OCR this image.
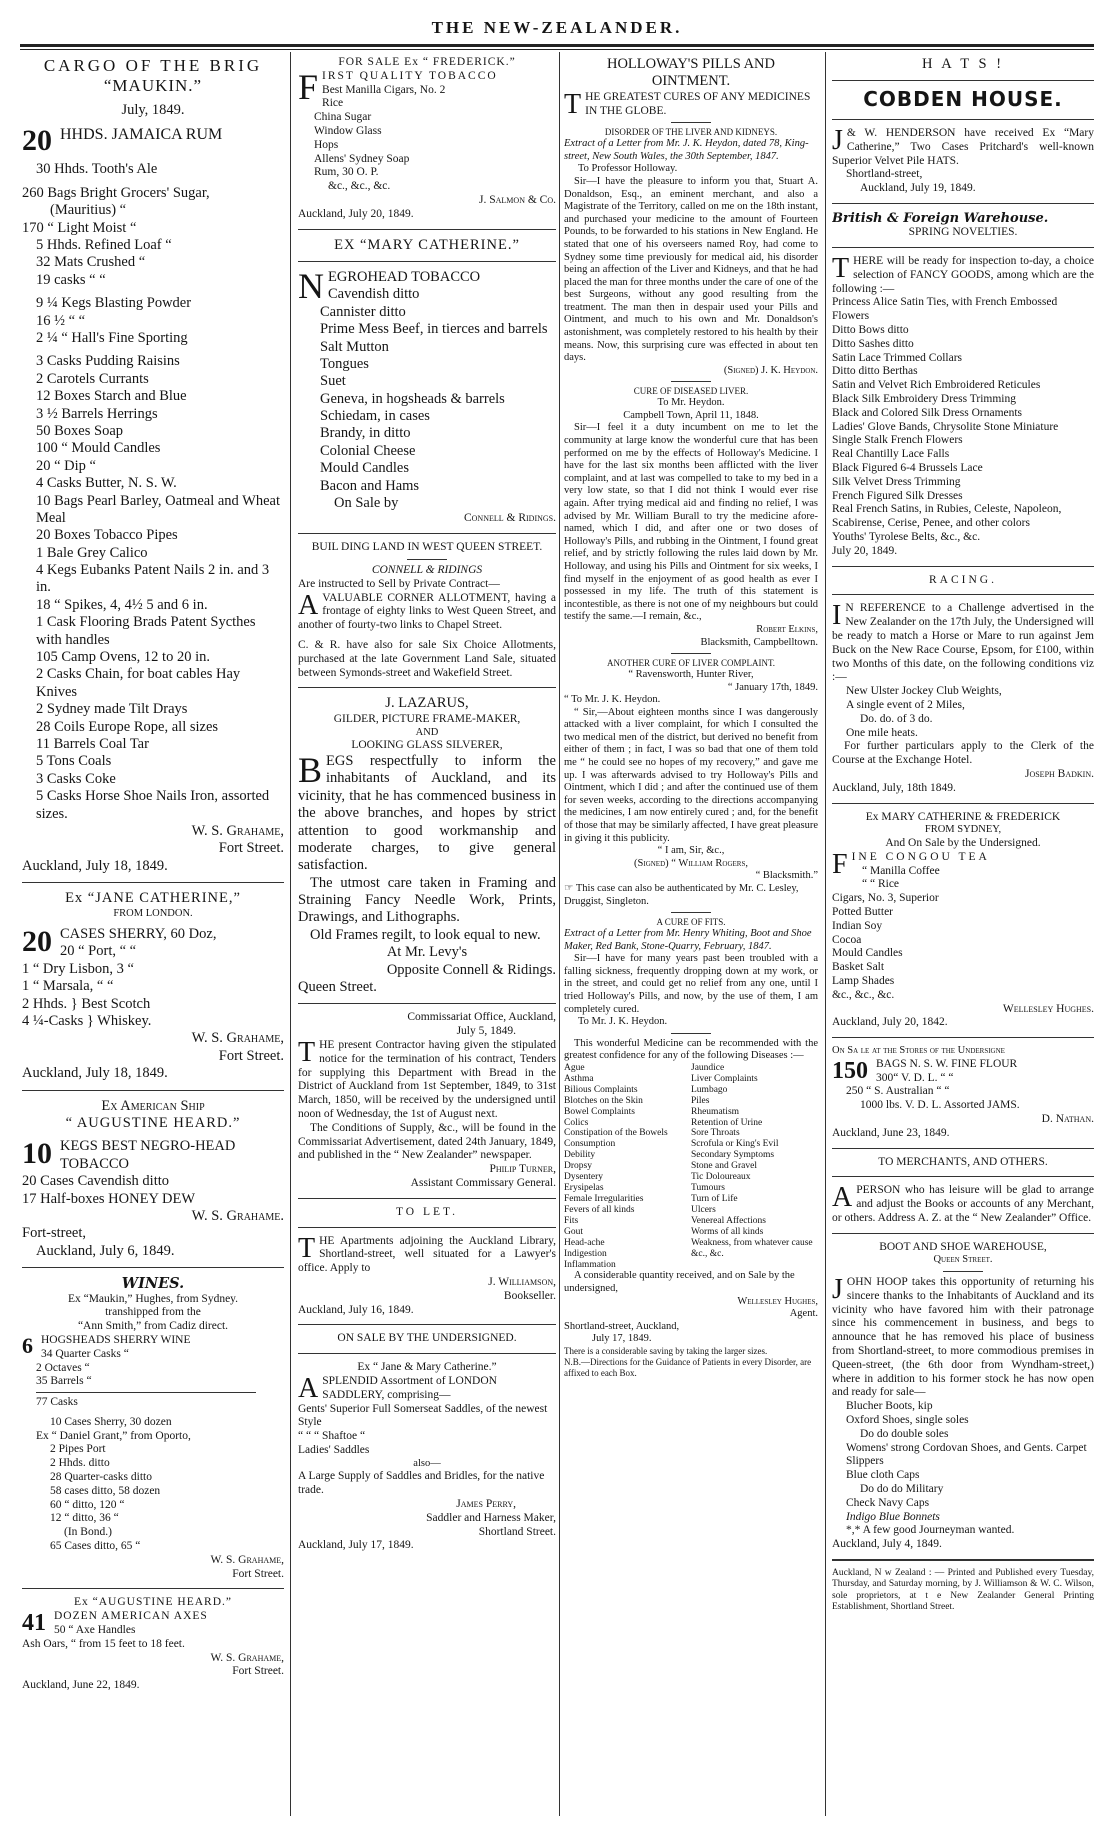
THE NEW-ZEALANDER.

CARGO OF THE BRIG

“MAUKIN.”

July, 1849.

20 HHDS. JAMAICA RUM

30 Hhds. Tooth's Ale

260 Bags Bright Grocers' Sugar,

(Mauritius) “

170 “ Light Moist “

5 Hhds. Refined Loaf “

32 Mats Crushed “

19 casks “ “

9 ¼ Kegs Blasting Powder

16 ½ “ “

2 ¼ “ Hall's Fine Sporting

3 Casks Pudding Raisins

2 Carotels Currants

12 Boxes Starch and Blue

3 ½ Barrels Herrings

50 Boxes Soap

100 “ Mould Candles

20 “ Dip “

4 Casks Butter, N. S. W.

10 Bags Pearl Barley, Oatmeal and Wheat Meal

20 Boxes Tobacco Pipes

1 Bale Grey Calico

4 Kegs Eubanks Patent Nails 2 in. and 3 in.

18 “ Spikes, 4, 4½ 5 and 6 in.

1 Cask Flooring Brads Patent Sycthes with handles

105 Camp Ovens, 12 to 20 in.

2 Casks Chain, for boat cables Hay Knives

2 Sydney made Tilt Drays

28 Coils Europe Rope, all sizes

11 Barrels Coal Tar

5 Tons Coals

3 Casks Coke

5 Casks Horse Shoe Nails Iron, assorted sizes.

W. S. Grahame,

Fort Street.

Auckland, July 18, 1849.

Ex “JANE CATHERINE,”

FROM LONDON.

20 CASES SHERRY, 60 Doz,

20 “ Port, “ “

1 “ Dry Lisbon, 3 “

1 “ Marsala, “ “

2 Hhds. } Best Scotch

4 ¼-Casks } Whiskey.

W. S. Grahame,

Fort Street.

Auckland, July 18, 1849.

Ex American Ship

“ AUGUSTINE HEARD.”

10 KEGS BEST NEGRO-HEAD TOBACCO

20 Cases Cavendish ditto

17 Half-boxes HONEY DEW

W. S. Grahame.

Fort-street,

Auckland, July 6, 1849.

WINES.

Ex “Maukin,” Hughes, from Sydney.

transhipped from the

“Ann Smith,” from Cadiz direct.

6 HOGSHEADS SHERRY WINE

34 Quarter Casks “

2 Octaves “

35 Barrels “

77 Casks

10 Cases Sherry, 30 dozen

Ex “ Daniel Grant,” from Oporto,

2 Pipes Port

2 Hhds. ditto

28 Quarter-casks ditto

58 cases ditto, 58 dozen

60 “ ditto, 120 “

12 “ ditto, 36 “

(In Bond.)

65 Cases ditto, 65 “

W. S. Grahame,

Fort Street.

Ex “AUGUSTINE HEARD.”

41 DOZEN AMERICAN AXES

50 “ Axe Handles

Ash Oars, “ from 15 feet to 18 feet.

W. S. Grahame,

Fort Street.

Auckland, June 22, 1849.

FOR SALE Ex “ FREDERICK.”

FIRST QUALITY TOBACCO

Best Manilla Cigars, No. 2

Rice

China Sugar

Window Glass

Hops

Allens' Sydney Soap

Rum, 30 O. P.

&c., &c., &c.

J. Salmon & Co.

Auckland, July 20, 1849.

EX “MARY CATHERINE.”

NEGROHEAD TOBACCO

Cavendish ditto

Cannister ditto

Prime Mess Beef, in tierces and barrels

Salt Mutton

Tongues

Suet

Geneva, in hogsheads & barrels

Schiedam, in cases

Brandy, in ditto

Colonial Cheese

Mould Candles

Bacon and Hams

On Sale by

Connell & Ridings.

BUIL DING LAND IN WEST QUEEN STREET.

CONNELL & RIDINGS

Are instructed to Sell by Private Contract—

AVALUABLE CORNER ALLOTMENT, having a frontage of eighty links to West Queen Street, and another of fourty-two links to Chapel Street.

C. & R. have also for sale Six Choice Allotments, purchased at the late Government Land Sale, situated between Symonds-street and Wakefield Street.

J. LAZARUS,

GILDER, PICTURE FRAME-MAKER,

AND

LOOKING GLASS SILVERER,

BEGS respectfully to inform the inhabitants of Auckland, and its vicinity, that he has commenced business in the above branches, and hopes by strict attention to good workmanship and moderate charges, to give general satisfaction.

The utmost care taken in Framing and Straining Fancy Needle Work, Prints, Drawings, and Lithographs.

Old Frames regilt, to look equal to new.

At Mr. Levy's

Opposite Connell & Ridings.

Queen Street.

Commissariat Office, Auckland,

July 5, 1849.

THE present Contractor having given the stipulated notice for the termination of his contract, Tenders for supplying this Department with Bread in the District of Auckland from 1st September, 1849, to 31st March, 1850, will be received by the undersigned until noon of Wednesday, the 1st of August next.

The Conditions of Supply, &c., will be found in the Commissariat Advertisement, dated 24th January, 1849, and published in the “ New Zealander” newspaper.

Philip Turner,

Assistant Commissary General.

TO LET.

THE Apartments adjoining the Auckland Library, Shortland-street, well situated for a Lawyer's office. Apply to

J. Williamson,

Bookseller.

Auckland, July 16, 1849.

ON SALE BY THE UNDERSIGNED.

Ex “ Jane & Mary Catherine.”

ASPLENDID Assortment of LONDON SADDLERY, comprising—

Gents' Superior Full Somerseat Saddles, of the newest Style

“ “ “ Shaftoe “

Ladies' Saddles

also—

A Large Supply of Saddles and Bridles, for the native trade.

James Perry,

Saddler and Harness Maker,

Shortland Street.

Auckland, July 17, 1849.

HOLLOWAY'S PILLS AND

OINTMENT.

THE GREATEST CURES OF ANY MEDICINES IN THE GLOBE.

DISORDER OF THE LIVER AND KIDNEYS.

Extract of a Letter from Mr. J. K. Heydon, dated 78, King-street, New South Wales, the 30th September, 1847.

To Professor Holloway.

Sir—I have the pleasure to inform you that, Stuart A. Donaldson, Esq., an eminent merchant, and also a Magistrate of the Territory, called on me on the 18th instant, and purchased your medicine to the amount of Fourteen Pounds, to be forwarded to his stations in New England. He stated that one of his overseers named Roy, had come to Sydney some time previously for medical aid, his disorder being an affection of the Liver and Kidneys, and that he had placed the man for three months under the care of one of the best Surgeons, without any good resulting from the treatment. The man then in despair used your Pills and Ointment, and much to his own and Mr. Donaldson's astonishment, was completely restored to his health by their means. Now, this surprising cure was effected in about ten days.

(Signed) J. K. Heydon.

CURE OF DISEASED LIVER.

To Mr. Heydon.

Campbell Town, April 11, 1848.

Sir—I feel it a duty incumbent on me to let the community at large know the wonderful cure that has been performed on me by the effects of Holloway's Medicine. I have for the last six months been afflicted with the liver complaint, and at last was compelled to take to my bed in a very low state, so that I did not think I would ever rise again. After trying medical aid and finding no relief, I was advised by Mr. William Burall to try the medicine afore-named, which I did, and after one or two doses of Holloway's Pills, and rubbing in the Ointment, I found great relief, and by strictly following the rules laid down by Mr. Holloway, and using his Pills and Ointment for six weeks, I find myself in the enjoyment of as good health as ever I possessed in my life. The truth of this statement is incontestible, as there is not one of my neighbours but could testify the same.—I remain, &c.,

Robert Elkins,

Blacksmith, Campbelltown.

ANOTHER CURE OF LIVER COMPLAINT.

“ Ravensworth, Hunter River,

“ January 17th, 1849.

“ To Mr. J. K. Heydon.

“ Sir,—About eighteen months since I was dangerously attacked with a liver complaint, for which I consulted the two medical men of the district, but derived no benefit from either of them ; in fact, I was so bad that one of them told me “ he could see no hopes of my recovery,” and gave me up. I was afterwards advised to try Holloway's Pills and Ointment, which I did ; and after the continued use of them for seven weeks, according to the directions accompanying the medicines, I am now entirely cured ; and, for the benefit of those that may be similarly affected, I have great pleasure in giving it this publicity.

“ I am, Sir, &c.,

(Signed) “ William Rogers,

“ Blacksmith.”

☞ This case can also be authenticated by Mr. C. Lesley, Druggist, Singleton.

A CURE OF FITS.

Extract of a Letter from Mr. Henry Whiting, Boot and Shoe Maker, Red Bank, Stone-Quarry, February, 1847.

Sir—I have for many years past been troubled with a falling sickness, frequently dropping down at my work, or in the street, and could get no relief from any one, until I tried Holloway's Pills, and now, by the use of them, I am completely cured.

To Mr. J. K. Heydon.

This wonderful Medicine can be recommended with the greatest confidence for any of the following Diseases :—

Ague

Asthma

Bilious Complaints

Blotches on the Skin

Bowel Complaints

Colics

Constipation of the Bowels

Consumption

Debility

Dropsy

Dysentery

Erysipelas

Female Irregularities

Fevers of all kinds

Fits

Gout

Head-ache

Indigestion

Inflammation

Jaundice

Liver Complaints

Lumbago

Piles

Rheumatism

Retention of Urine

Sore Throats

Scrofula or King's Evil

Secondary Symptoms

Stone and Gravel

Tic Doloureaux

Tumours

Turn of Life

Ulcers

Venereal Affections

Worms of all kinds

Weakness, from whatever cause

&c., &c.

A considerable quantity received, and on Sale by the undersigned,

Wellesley Hughes,

Agent.

Shortland-street, Auckland,

July 17, 1849.

There is a considerable saving by taking the larger sizes.

N.B.—Directions for the Guidance of Patients in every Disorder, are affixed to each Box.

H A T S !

COBDEN HOUSE.

J & W. HENDERSON have received Ex “Mary Catherine,” Two Cases Pritchard's well-known Superior Velvet Pile HATS.

Shortland-street,

Auckland, July 19, 1849.

British & Foreign Warehouse.

SPRING NOVELTIES.

THERE will be ready for inspection to-day, a choice selection of FANCY GOODS, among which are the following :—

Princess Alice Satin Ties, with French Embossed Flowers

Ditto Bows ditto

Ditto Sashes ditto

Satin Lace Trimmed Collars

Ditto ditto Berthas

Satin and Velvet Rich Embroidered Reticules

Black Silk Embroidery Dress Trimming

Black and Colored Silk Dress Ornaments

Ladies' Glove Bands, Chrysolite Stone Miniature

Single Stalk French Flowers

Real Chantilly Lace Falls

Black Figured 6-4 Brussels Lace

Silk Velvet Dress Trimming

French Figured Silk Dresses

Real French Satins, in Rubies, Celeste, Napoleon, Scabirense, Cerise, Penee, and other colors

Youths' Tyrolese Belts, &c., &c.

July 20, 1849.

RACING.

I N REFERENCE to a Challenge advertised in the New Zealander on the 17th July, the Undersigned will be ready to match a Horse or Mare to run against Jem Buck on the New Race Course, Epsom, for £100, within two Months of this date, on the following conditions viz :—

New Ulster Jockey Club Weights,

A single event of 2 Miles,

Do. do. of 3 do.

One mile heats.

For further particulars apply to the Clerk of the Course at the Exchange Hotel.

Joseph Badkin.

Auckland, July, 18th 1849.

Ex MARY CATHERINE & FREDERICK

FROM SYDNEY,

And On Sale by the Undersigned.

FINE CONGOU TEA

“ Manilla Coffee

“ “ Rice

Cigars, No. 3, Superior

Potted Butter

Indian Soy

Cocoa

Mould Candles

Basket Salt

Lamp Shades

&c., &c., &c.

Wellesley Hughes.

Auckland, July 20, 1842.

On Sa le at the Stores of the Undersigne

150 BAGS N. S. W. FINE FLOUR

300“ V. D. L. “ “

250 “ S. Australian “ “

1000 lbs. V. D. L. Assorted JAMS.

D. Nathan.

Auckland, June 23, 1849.

TO MERCHANTS, AND OTHERS.

APERSON who has leisure will be glad to arrange and adjust the Books or accounts of any Merchant, or others. Address A. Z. at the “ New Zealander” Office.

BOOT AND SHOE WAREHOUSE,

Queen Street.

JOHN HOOP takes this opportunity of returning his sincere thanks to the Inhabitants of Auckland and its vicinity who have favored him with their patronage since his commencement in business, and begs to announce that he has removed his place of business from Shortland-street, to more commodious premises in Queen-street, (the 6th door from Wyndham-street,) where in addition to his former stock he has now open and ready for sale—

Blucher Boots, kip

Oxford Shoes, single soles

Do do double soles

Womens' strong Cordovan Shoes, and Gents. Carpet Slippers

Blue cloth Caps

Do do do Military

Check Navy Caps

Indigo Blue Bonnets

*,* A few good Journeyman wanted.

Auckland, July 4, 1849.

Auckland, N w Zealand : — Printed and Published every Tuesday, Thursday, and Saturday morning, by J. Williamson & W. C. Wilson, sole proprietors, at t e New Zealander General Printing Establishment, Shortland Street.
